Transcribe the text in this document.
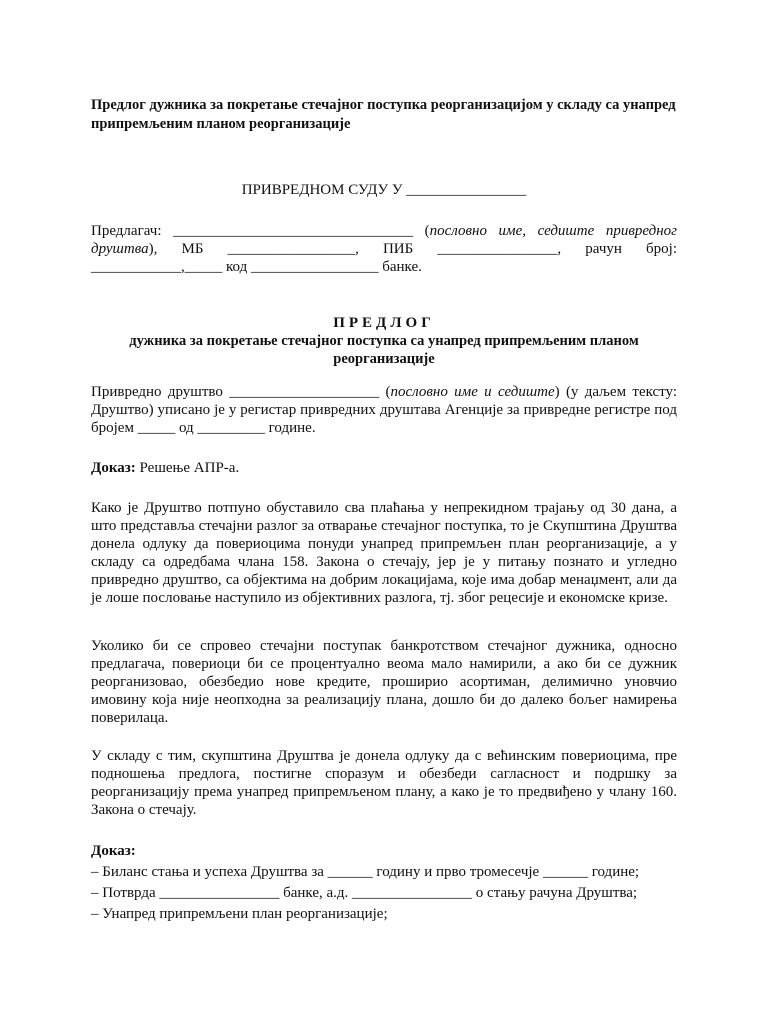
Предлог дужника за покретање стечајног поступка реорганизацијом у складу са унапред припремљеним планом реорганизације
ПРИВРЕДНОМ СУДУ У ________________
Предлагач: ________________________________ (пословно име, седиште привредног друштва), МБ _________________, ПИБ ________________, рачун број: ____________,_____ код _________________ банке.
ПРЕДЛОГ
дужника за покретање стечајног поступка са унапред припремљеним планом реорганизације
Привредно друштво ____________________ (пословно име и седиште) (у даљем тексту: Друштво) уписано је у регистар привредних друштава Агенције за привредне регистре под бројем _____ од _________ године.
Доказ: Решење АПР-а.
Како је Друштво потпуно обуставило сва плаћања у непрекидном трајању од 30 дана, а што представља стечајни разлог за отварање стечајног поступка, то је Скупштина Друштва донела одлуку да повериоцима понуди унапред припремљен план реорганизације, а у складу са одредбама члана 158. Закона о стечају, јер је у питању познато и угледно привредно друштво, са објектима на добрим локацијама, које има добар менаџмент, али да је лоше пословање наступило из објективних разлога, тј. због рецесије и економске кризе.
Уколико би се спровео стечајни поступак банкротством стечајног дужника, односно предлагача, повериоци би се процентуално веома мало намирили, а ако би се дужник реорганизовао, обезбедио нове кредите, проширио асортиман, делимично уновчио имовину која није неопходна за реализацију плана, дошло би до далеко бољег намирења поверилаца.
У складу с тим, скупштина Друштва је донела одлуку да с већинским повериоцима, пре подношења предлога, постигне споразум и обезбеди сагласност и подршку за реорганизацију према унапред припремљеном плану, а како је то предвиђено у члану 160. Закона о стечају.
Доказ:
– Биланс стања и успеха Друштва за ______ годину и прво тромесечје ______ године;
– Потврда ________________ банке, а.д. ________________ о стању рачуна Друштва;
– Унапред припремљени план реорганизације;
